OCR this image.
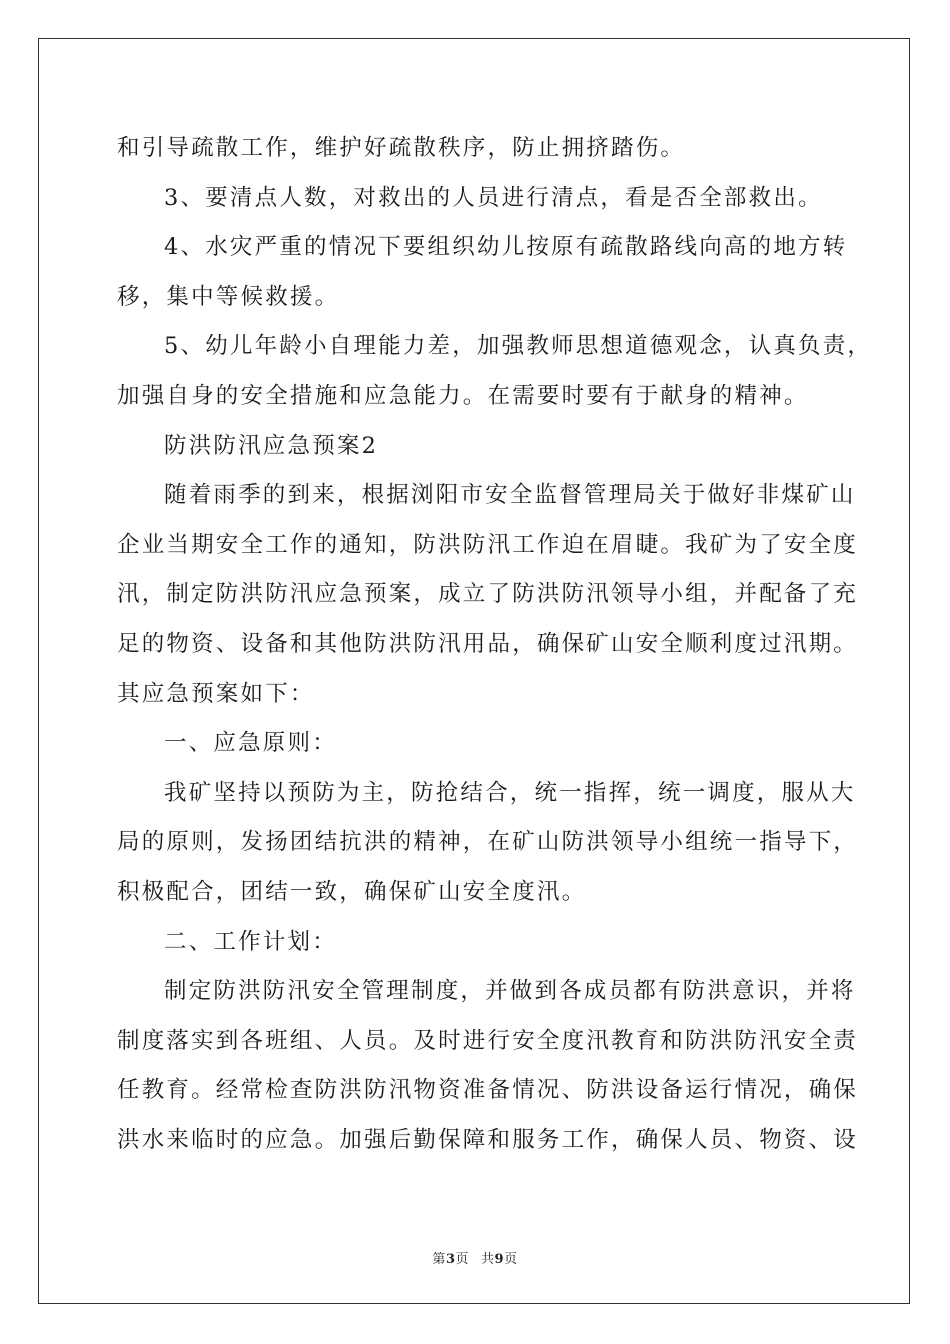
和引导疏散工作，维护好疏散秩序，防止拥挤踏伤。
3、要清点人数，对救出的人员进行清点，看是否全部救出。
4、水灾严重的情况下要组织幼儿按原有疏散路线向高的地方转
移，集中等候救援。
5、幼儿年龄小自理能力差，加强教师思想道德观念，认真负责，
加强自身的安全措施和应急能力。在需要时要有于献身的精神。
防洪防汛应急预案2
随着雨季的到来，根据浏阳市安全监督管理局关于做好非煤矿山
企业当期安全工作的通知，防洪防汛工作迫在眉睫。我矿为了安全度
汛，制定防洪防汛应急预案，成立了防洪防汛领导小组，并配备了充
足的物资、设备和其他防洪防汛用品，确保矿山安全顺利度过汛期。
其应急预案如下：
一、应急原则：
我矿坚持以预防为主，防抢结合，统一指挥，统一调度，服从大
局的原则，发扬团结抗洪的精神，在矿山防洪领导小组统一指导下，
积极配合，团结一致，确保矿山安全度汛。
二、工作计划：
制定防洪防汛安全管理制度，并做到各成员都有防洪意识，并将
制度落实到各班组、人员。及时进行安全度汛教育和防洪防汛安全责
任教育。经常检查防洪防汛物资准备情况、防洪设备运行情况，确保
洪水来临时的应急。加强后勤保障和服务工作，确保人员、物资、设
第3页 共9页
